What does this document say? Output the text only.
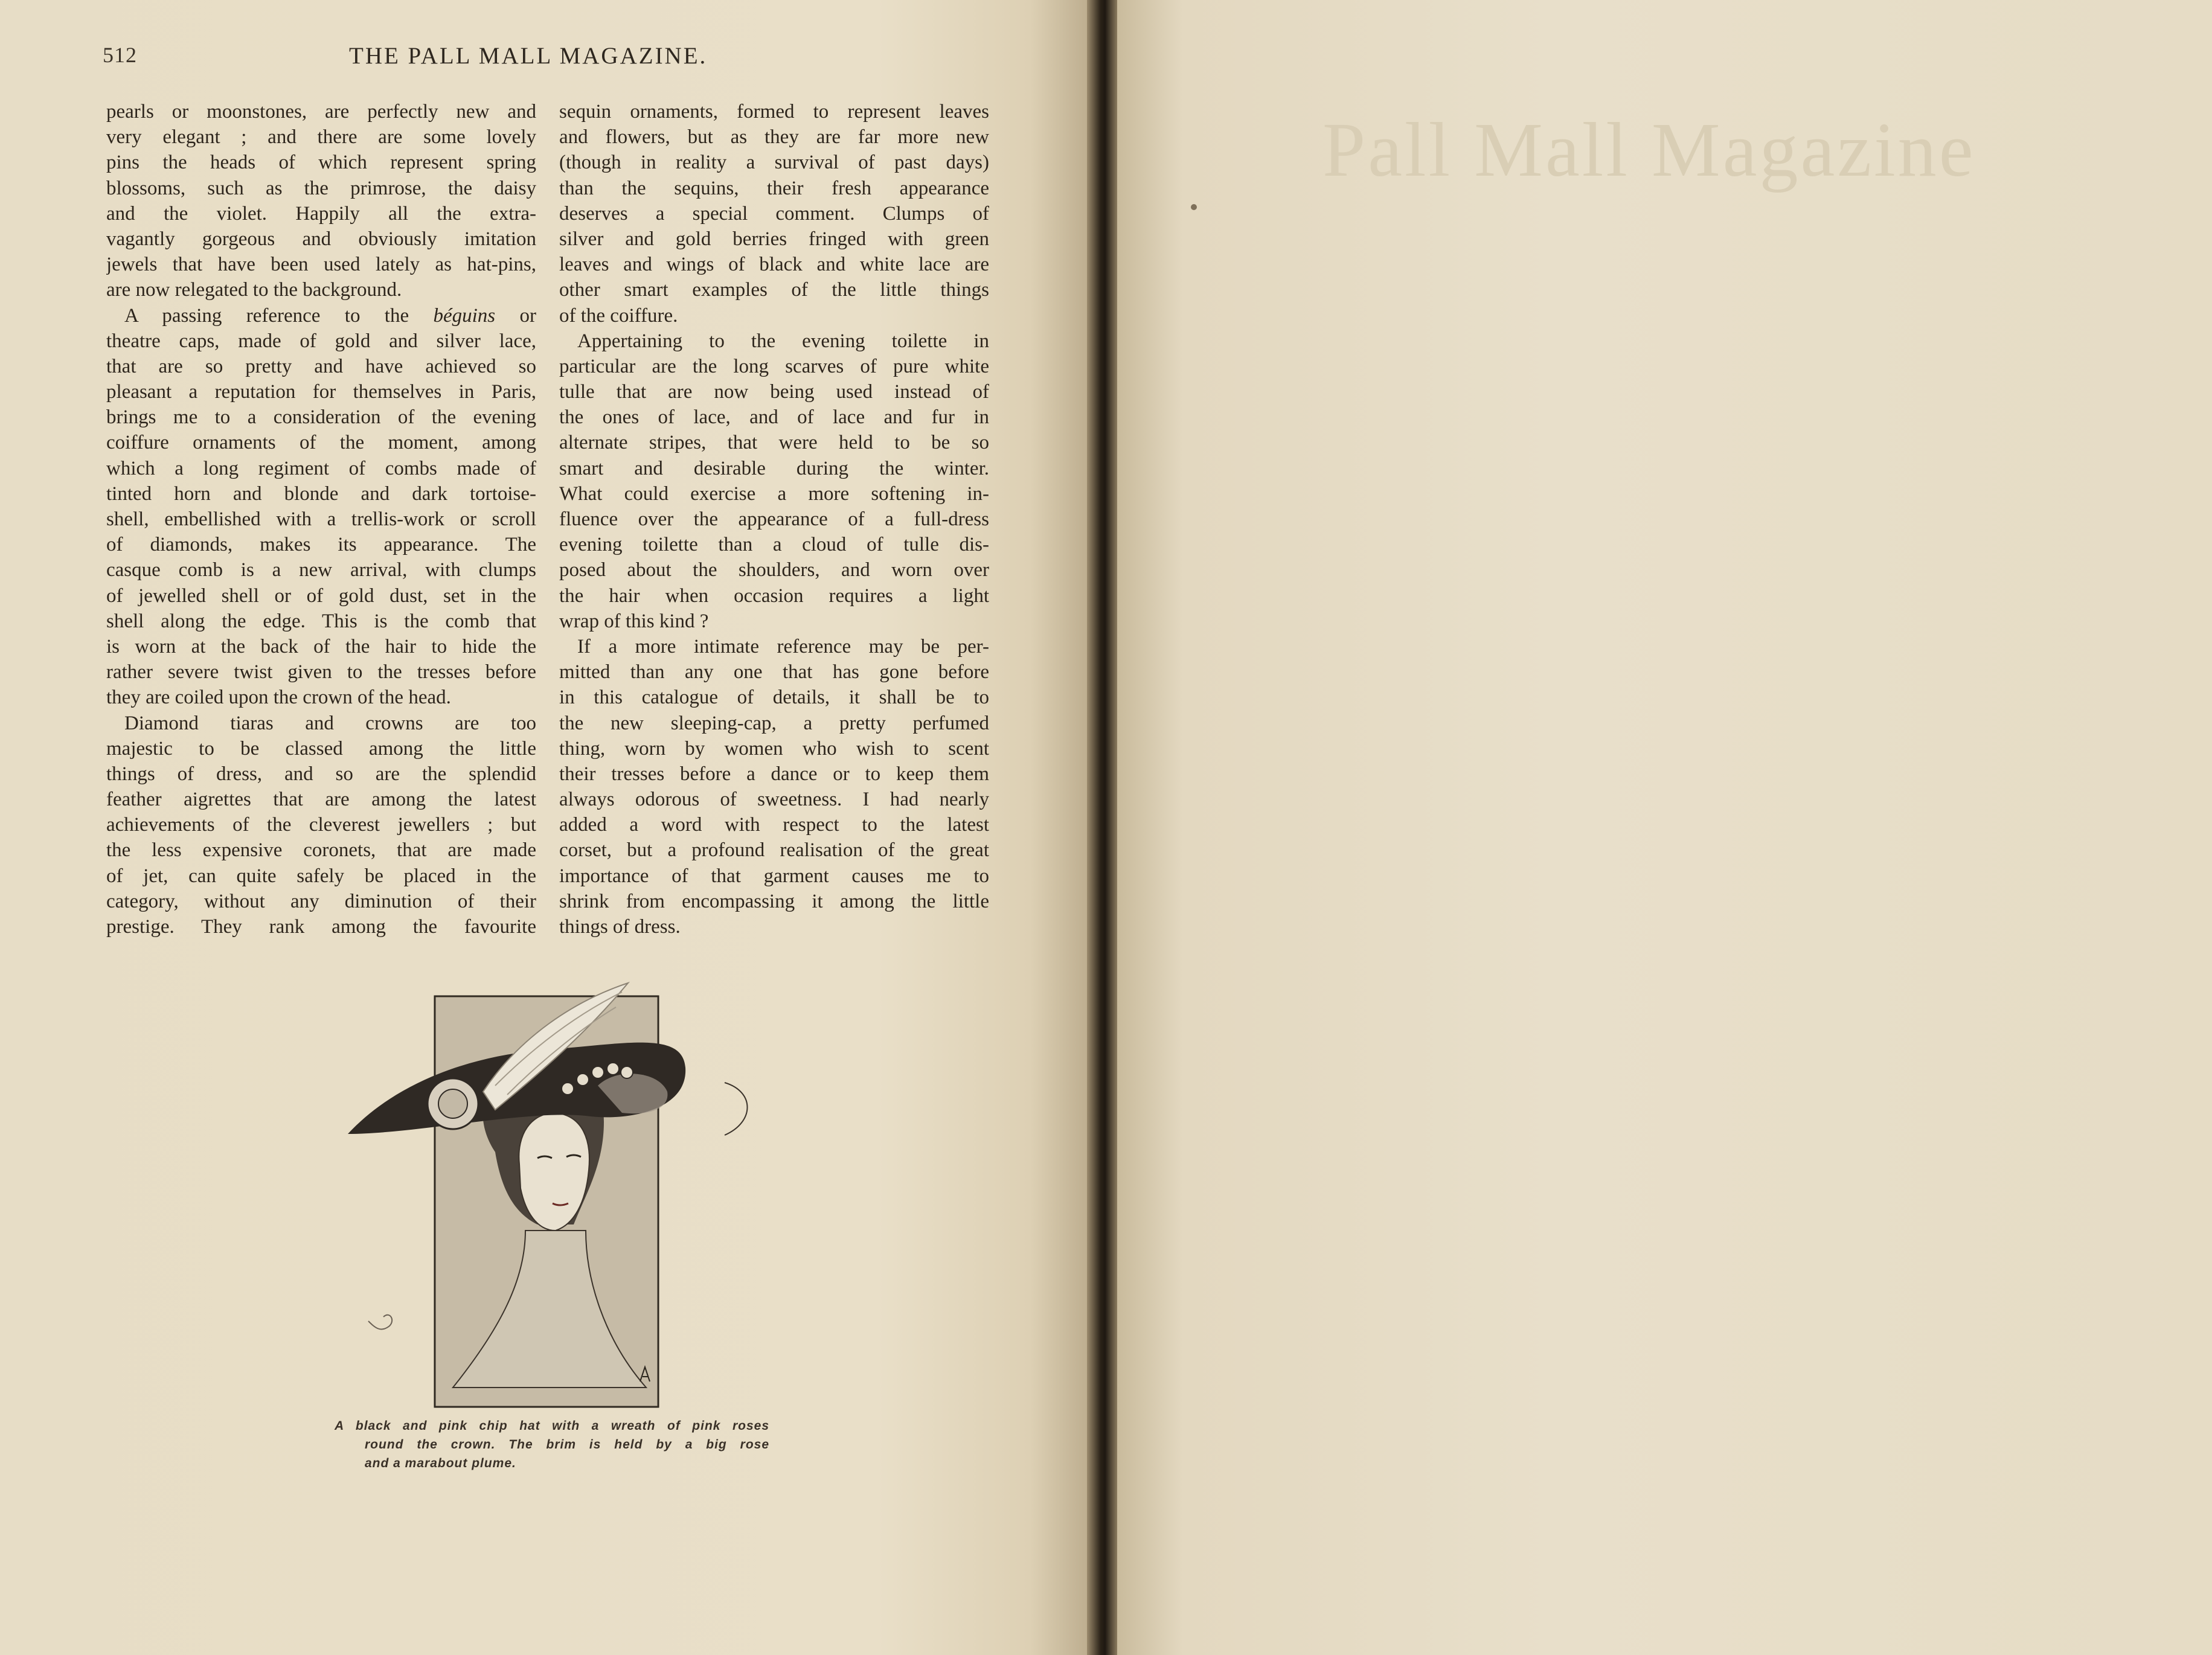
512	THE PALL MALL MAGAZINE.
pearls or moonstones, are perfectly new and
very elegant ; and there are some lovely
pins the heads of which represent spring
blossoms, such as the primrose, the daisy
and the violet. Happily all the extra-
vagantly gorgeous and obviously imitation
jewels that have been used lately as hat-pins,
are now relegated to the background.
A passing reference to the béguins or
theatre caps, made of gold and silver lace,
that are so pretty and have achieved so
pleasant a reputation for themselves in Paris,
brings me to a consideration of the evening
coiffure ornaments of the moment, among
which a long regiment of combs made of
tinted horn and blonde and dark tortoise-
shell, embellished with a trellis-work or scroll
of diamonds, makes its appearance. The
casque comb is a new arrival, with clumps
of jewelled shell or of gold dust, set in the
shell along the edge. This is the comb that
is worn at the back of the hair to hide the
rather severe twist given to the tresses before
they are coiled upon the crown of the head.
Diamond tiaras and crowns are too
majestic to be classed among the little
things of dress, and so are the splendid
feather aigrettes that are among the latest
achievements of the cleverest jewellers ; but
the less expensive coronets, that are made
of jet, can quite safely be placed in the
category, without any diminution of their
prestige. They rank among the favourite
sequin ornaments, formed to represent leaves
and flowers, but as they are far more new
(though in reality a survival of past days)
than the sequins, their fresh appearance
deserves a special comment. Clumps of
silver and gold berries fringed with green
leaves and wings of black and white lace are
other smart examples of the little things
of the coiffure.
Appertaining to the evening toilette in
particular are the long scarves of pure white
tulle that are now being used instead of
the ones of lace, and of lace and fur in
alternate stripes, that were held to be so
smart and desirable during the winter.
What could exercise a more softening in-
fluence over the appearance of a full-dress
evening toilette than a cloud of tulle dis-
posed about the shoulders, and worn over
the hair when occasion requires a light
wrap of this kind ?
If a more intimate reference may be per-
mitted than any one that has gone before
in this catalogue of details, it shall be to
the new sleeping-cap, a pretty perfumed
thing, worn by women who wish to scent
their tresses before a dance or to keep them
always odorous of sweetness. I had nearly
added a word with respect to the latest
corset, but a profound realisation of the great
importance of that garment causes me to
shrink from encompassing it among the little
things of dress.
A black and pink chip hat with a wreath of pink roses
round the crown. The brim is held by a big rose
and a marabout plume.
Pall Mall Magazine
